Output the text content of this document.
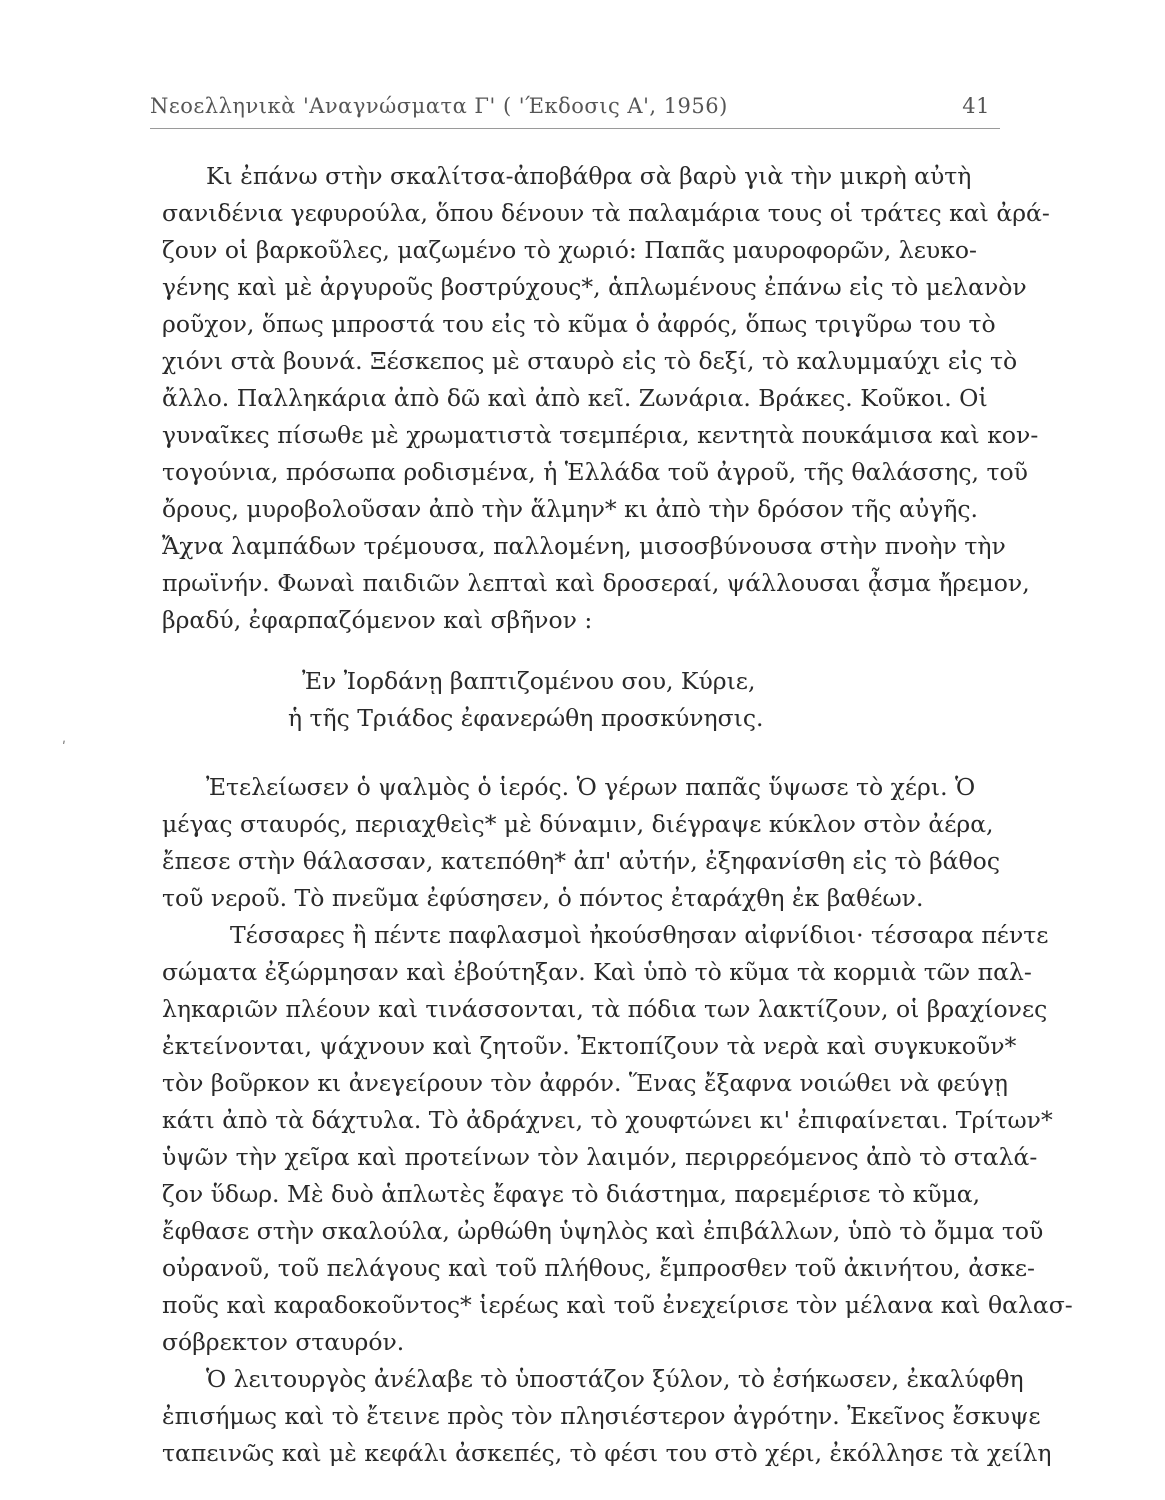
Νεοελληνικὰ 'Αναγνώσματα Γ' ( 'Έκδοσις Α', 1956)	41
ʹ
Κι ἐπάνω στὴν σκαλίτσα-ἀποβάθρα σὰ βαρὺ γιὰ τὴν μικρὴ αὐτὴ
σανιδένια γεφυρούλα, ὅπου δένουν τὰ παλαμάρια τους οἱ τράτες καὶ ἀρά-
ζουν οἱ βαρκοῦλες, μαζωμένο τὸ χωριό: Παπᾶς μαυροφορῶν, λευκο-
γένης καὶ μὲ ἀργυροῦς βοστρύχους*, ἁπλωμένους ἐπάνω εἰς τὸ μελανὸν
ροῦχον, ὅπως μπροστά του εἰς τὸ κῦμα ὁ ἀφρός, ὅπως τριγῦρω του τὸ
χιόνι στὰ βουνά. Ξέσκεπος μὲ σταυρὸ εἰς τὸ δεξί, τὸ καλυμμαύχι εἰς τὸ
ἄλλο. Παλληκάρια ἀπὸ δῶ καὶ ἀπὸ κεῖ. Ζωνάρια. Βράκες. Κοῦκοι. Οἱ
γυναῖκες πίσωθε μὲ χρωματιστὰ τσεμπέρια, κεντητὰ πουκάμισα καὶ κον-
τογούνια, πρόσωπα ροδισμένα, ἡ Ἑλλάδα τοῦ ἀγροῦ, τῆς θαλάσσης, τοῦ
ὄρους, μυροβολοῦσαν ἀπὸ τὴν ἅλμην* κι ἀπὸ τὴν δρόσον τῆς αὐγῆς.
Ἄχνα λαμπάδων τρέμουσα, παλλομένη, μισοσβύνουσα στὴν πνοὴν τὴν
πρωϊνήν. Φωναὶ παιδιῶν λεπταὶ καὶ δροσεραί, ψάλλουσαι ᾆσμα ἤρεμον,
βραδύ, ἐφαρπαζόμενον καὶ σβῆνον :
Ἐν Ἰορδάνῃ βαπτιζομένου σου, Κύριε,
ἡ τῆς Τριάδος ἐφανερώθη προσκύνησις.
Ἐτελείωσεν ὁ ψαλμὸς ὁ ἱερός. Ὁ γέρων παπᾶς ὕψωσε τὸ χέρι. Ὁ
μέγας σταυρός, περιαχθεὶς* μὲ δύναμιν, διέγραψε κύκλον στὸν ἀέρα,
ἔπεσε στὴν θάλασσαν, κατεπόθη* ἀπ' αὐτήν, ἐξηφανίσθη εἰς τὸ βάθος
τοῦ νεροῦ. Τὸ πνεῦμα ἐφύσησεν, ὁ πόντος ἐταράχθη ἐκ βαθέων.
Τέσσαρες ἢ πέντε παφλασμοὶ ἠκούσθησαν αἰφνίδιοι· τέσσαρα πέντε
σώματα ἐξώρμησαν καὶ ἐβούτηξαν. Καὶ ὑπὸ τὸ κῦμα τὰ κορμιὰ τῶν παλ-
ληκαριῶν πλέουν καὶ τινάσσονται, τὰ πόδια των λακτίζουν, οἱ βραχίονες
ἐκτείνονται, ψάχνουν καὶ ζητοῦν. Ἐκτοπίζουν τὰ νερὰ καὶ συγκυκοῦν*
τὸν βοῦρκον κι ἀνεγείρουν τὸν ἀφρόν. Ἕνας ἔξαφνα νοιώθει νὰ φεύγῃ
κάτι ἀπὸ τὰ δάχτυλα. Τὸ ἀδράχνει, τὸ χουφτώνει κι' ἐπιφαίνεται. Τρίτων*
ὑψῶν τὴν χεῖρα καὶ προτείνων τὸν λαιμόν, περιρρεόμενος ἀπὸ τὸ σταλά-
ζον ὕδωρ. Μὲ δυὸ ἁπλωτὲς ἔφαγε τὸ διάστημα, παρεμέρισε τὸ κῦμα,
ἔφθασε στὴν σκαλούλα, ὠρθώθη ὑψηλὸς καὶ ἐπιβάλλων, ὑπὸ τὸ ὄμμα τοῦ
οὐρανοῦ, τοῦ πελάγους καὶ τοῦ πλήθους, ἔμπροσθεν τοῦ ἀκινήτου, ἀσκε-
ποῦς καὶ καραδοκοῦντος* ἱερέως καὶ τοῦ ἐνεχείρισε τὸν μέλανα καὶ θαλασ-
σόβρεκτον σταυρόν.
Ὁ λειτουργὸς ἀνέλαβε τὸ ὑποστάζον ξύλον, τὸ ἐσήκωσεν, ἐκαλύφθη
ἐπισήμως καὶ τὸ ἔτεινε πρὸς τὸν πλησιέστερον ἀγρότην. Ἐκεῖνος ἔσκυψε
ταπεινῶς καὶ μὲ κεφάλι ἀσκεπές, τὸ φέσι του στὸ χέρι, ἐκόλλησε τὰ χείλη
